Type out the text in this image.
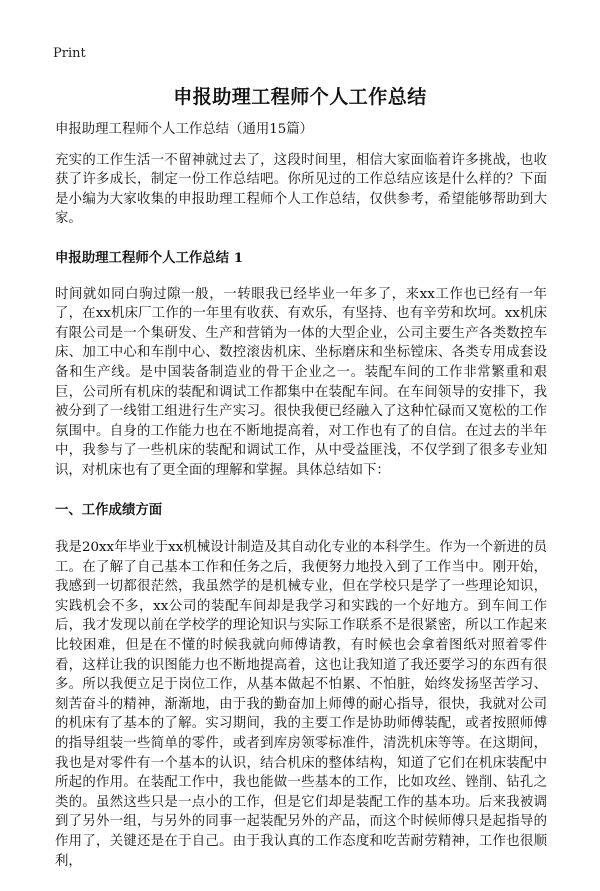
Print
申报助理工程师个人工作总结

申报助理工程师个人工作总结（通用15篇）

充实的工作生活一不留神就过去了，这段时间里，相信大家面临着许多挑战，也收获了许多成长，制定一份工作总结吧。你所见过的工作总结应该是什么样的？下面是小编为大家收集的申报助理工程师个人工作总结，仅供参考，希望能够帮助到大家。

申报助理工程师个人工作总结 1

时间就如同白驹过隙一般，一转眼我已经毕业一年多了，来xx工作也已经有一年了，在xx机床厂工作的一年里有收获、有欢乐，有坚持、也有辛劳和坎坷。xx机床有限公司是一个集研发、生产和营销为一体的大型企业，公司主要生产各类数控车床、加工中心和车削中心、数控滚齿机床、坐标磨床和坐标镗床、各类专用成套设备和生产线。是中国装备制造业的骨干企业之一。装配车间的工作非常繁重和艰巨，公司所有机床的装配和调试工作都集中在装配车间。在车间领导的安排下，我被分到了一线钳工组进行生产实习。很快我便已经融入了这种忙碌而又宽松的工作氛围中。自身的工作能力也在不断地提高着，对工作也有了的自信。在过去的半年中，我参与了一些机床的装配和调试工作，从中受益匪浅，不仅学到了很多专业知识，对机床也有了更全面的理解和掌握。具体总结如下：

一、工作成绩方面

我是20xx年毕业于xx机械设计制造及其自动化专业的本科学生。作为一个新进的员工。在了解了自己基本工作和任务之后，我便努力地投入到了工作当中。刚开始，我感到一切都很茫然，我虽然学的是机械专业，但在学校只是学了一些理论知识，实践机会不多，xx公司的装配车间却是我学习和实践的一个好地方。到车间工作后，我才发现以前在学校学的理论知识与实际工作联系不是很紧密，所以工作起来比较困难，但是在不懂的时候我就向师傅请教，有时候也会拿着图纸对照着零件看，这样让我的识图能力也不断地提高着，这也让我知道了我还要学习的东西有很多。所以我便立足于岗位工作，从基本做起不怕累、不怕脏，始终发扬坚苦学习、刻苦奋斗的精神，渐渐地，由于我的勤奋加上师傅的耐心指导，很快，我就对公司的机床有了基本的了解。实习期间，我的主要工作是协助师傅装配，或者按照师傅的指导组装一些简单的零件，或者到库房领零标准件，清洗机床等等。在这期间，我也是对零件有一个基本的认识，结合机床的整体结构，知道了它们在机床装配中所起的作用。在装配工作中，我也能做一些基本的工作，比如攻丝、锉削、钻孔之类的。虽然这些只是一点小的工作，但是它们却是装配工作的基本功。后来我被调到了另外一组，与另外的同事一起装配另外的产品，而这个时候师傅只是起指导的作用了，关键还是在于自己。由于我认真的工作态度和吃苦耐劳精神，工作也很顺利，
